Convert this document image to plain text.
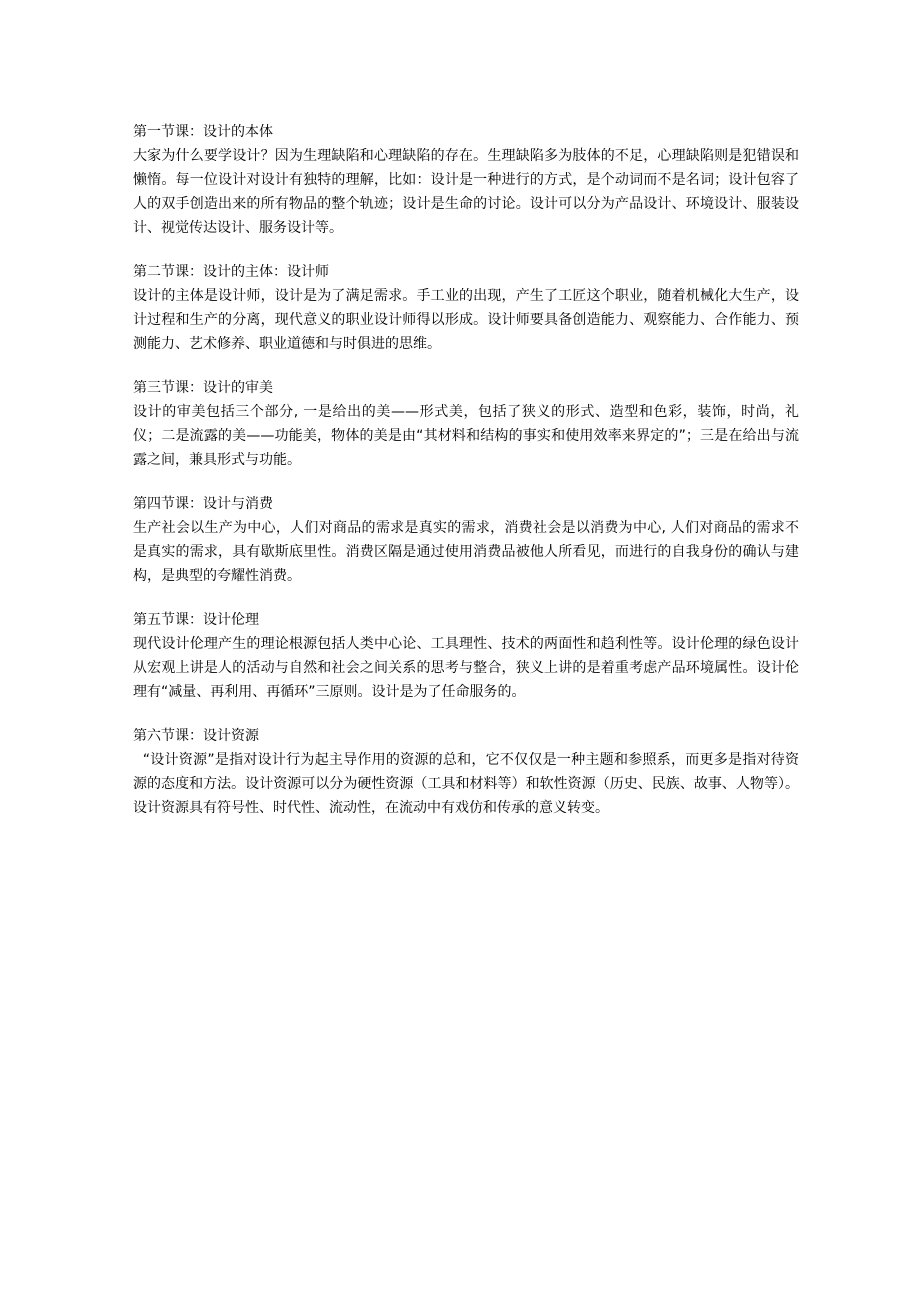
第一节课：设计的本体

大家为什么要学设计？因为生理缺陷和心理缺陷的存在。生理缺陷多为肢体的不足，心理缺陷则是犯错误和懒惰。每一位设计对设计有独特的理解，比如：设计是一种进行的方式，是个动词而不是名词；设计包容了人的双手创造出来的所有物品的整个轨迹；设计是生命的讨论。设计可以分为产品设计、环境设计、服装设计、视觉传达设计、服务设计等。

第二节课：设计的主体：设计师

设计的主体是设计师，设计是为了满足需求。手工业的出现，产生了工匠这个职业，随着机械化大生产，设计过程和生产的分离，现代意义的职业设计师得以形成。设计师要具备创造能力、观察能力、合作能力、预测能力、艺术修养、职业道德和与时俱进的思维。

第三节课：设计的审美

设计的审美包括三个部分, 一是给出的美——形式美，包括了狭义的形式、造型和色彩，装饰，时尚，礼仪；二是流露的美——功能美，物体的美是由“其材料和结构的事实和使用效率来界定的”；三是在给出与流露之间，兼具形式与功能。

第四节课：设计与消费

生产社会以生产为中心，人们对商品的需求是真实的需求，消费社会是以消费为中心, 人们对商品的需求不是真实的需求，具有歇斯底里性。消费区隔是通过使用消费品被他人所看见，而进行的自我身份的确认与建构，是典型的夸耀性消费。

第五节课：设计伦理

现代设计伦理产生的理论根源包括人类中心论、工具理性、技术的两面性和趋利性等。设计伦理的绿色设计从宏观上讲是人的活动与自然和社会之间关系的思考与整合，狭义上讲的是着重考虑产品环境属性。设计伦理有“减量、再利用、再循环”三原则。设计是为了任命服务的。

第六节课：设计资源

“设计资源”是指对设计行为起主导作用的资源的总和，它不仅仅是一种主题和参照系，而更多是指对待资源的态度和方法。设计资源可以分为硬性资源（工具和材料等）和软性资源（历史、民族、故事、人物等）。设计资源具有符号性、时代性、流动性，在流动中有戏仿和传承的意义转变。
